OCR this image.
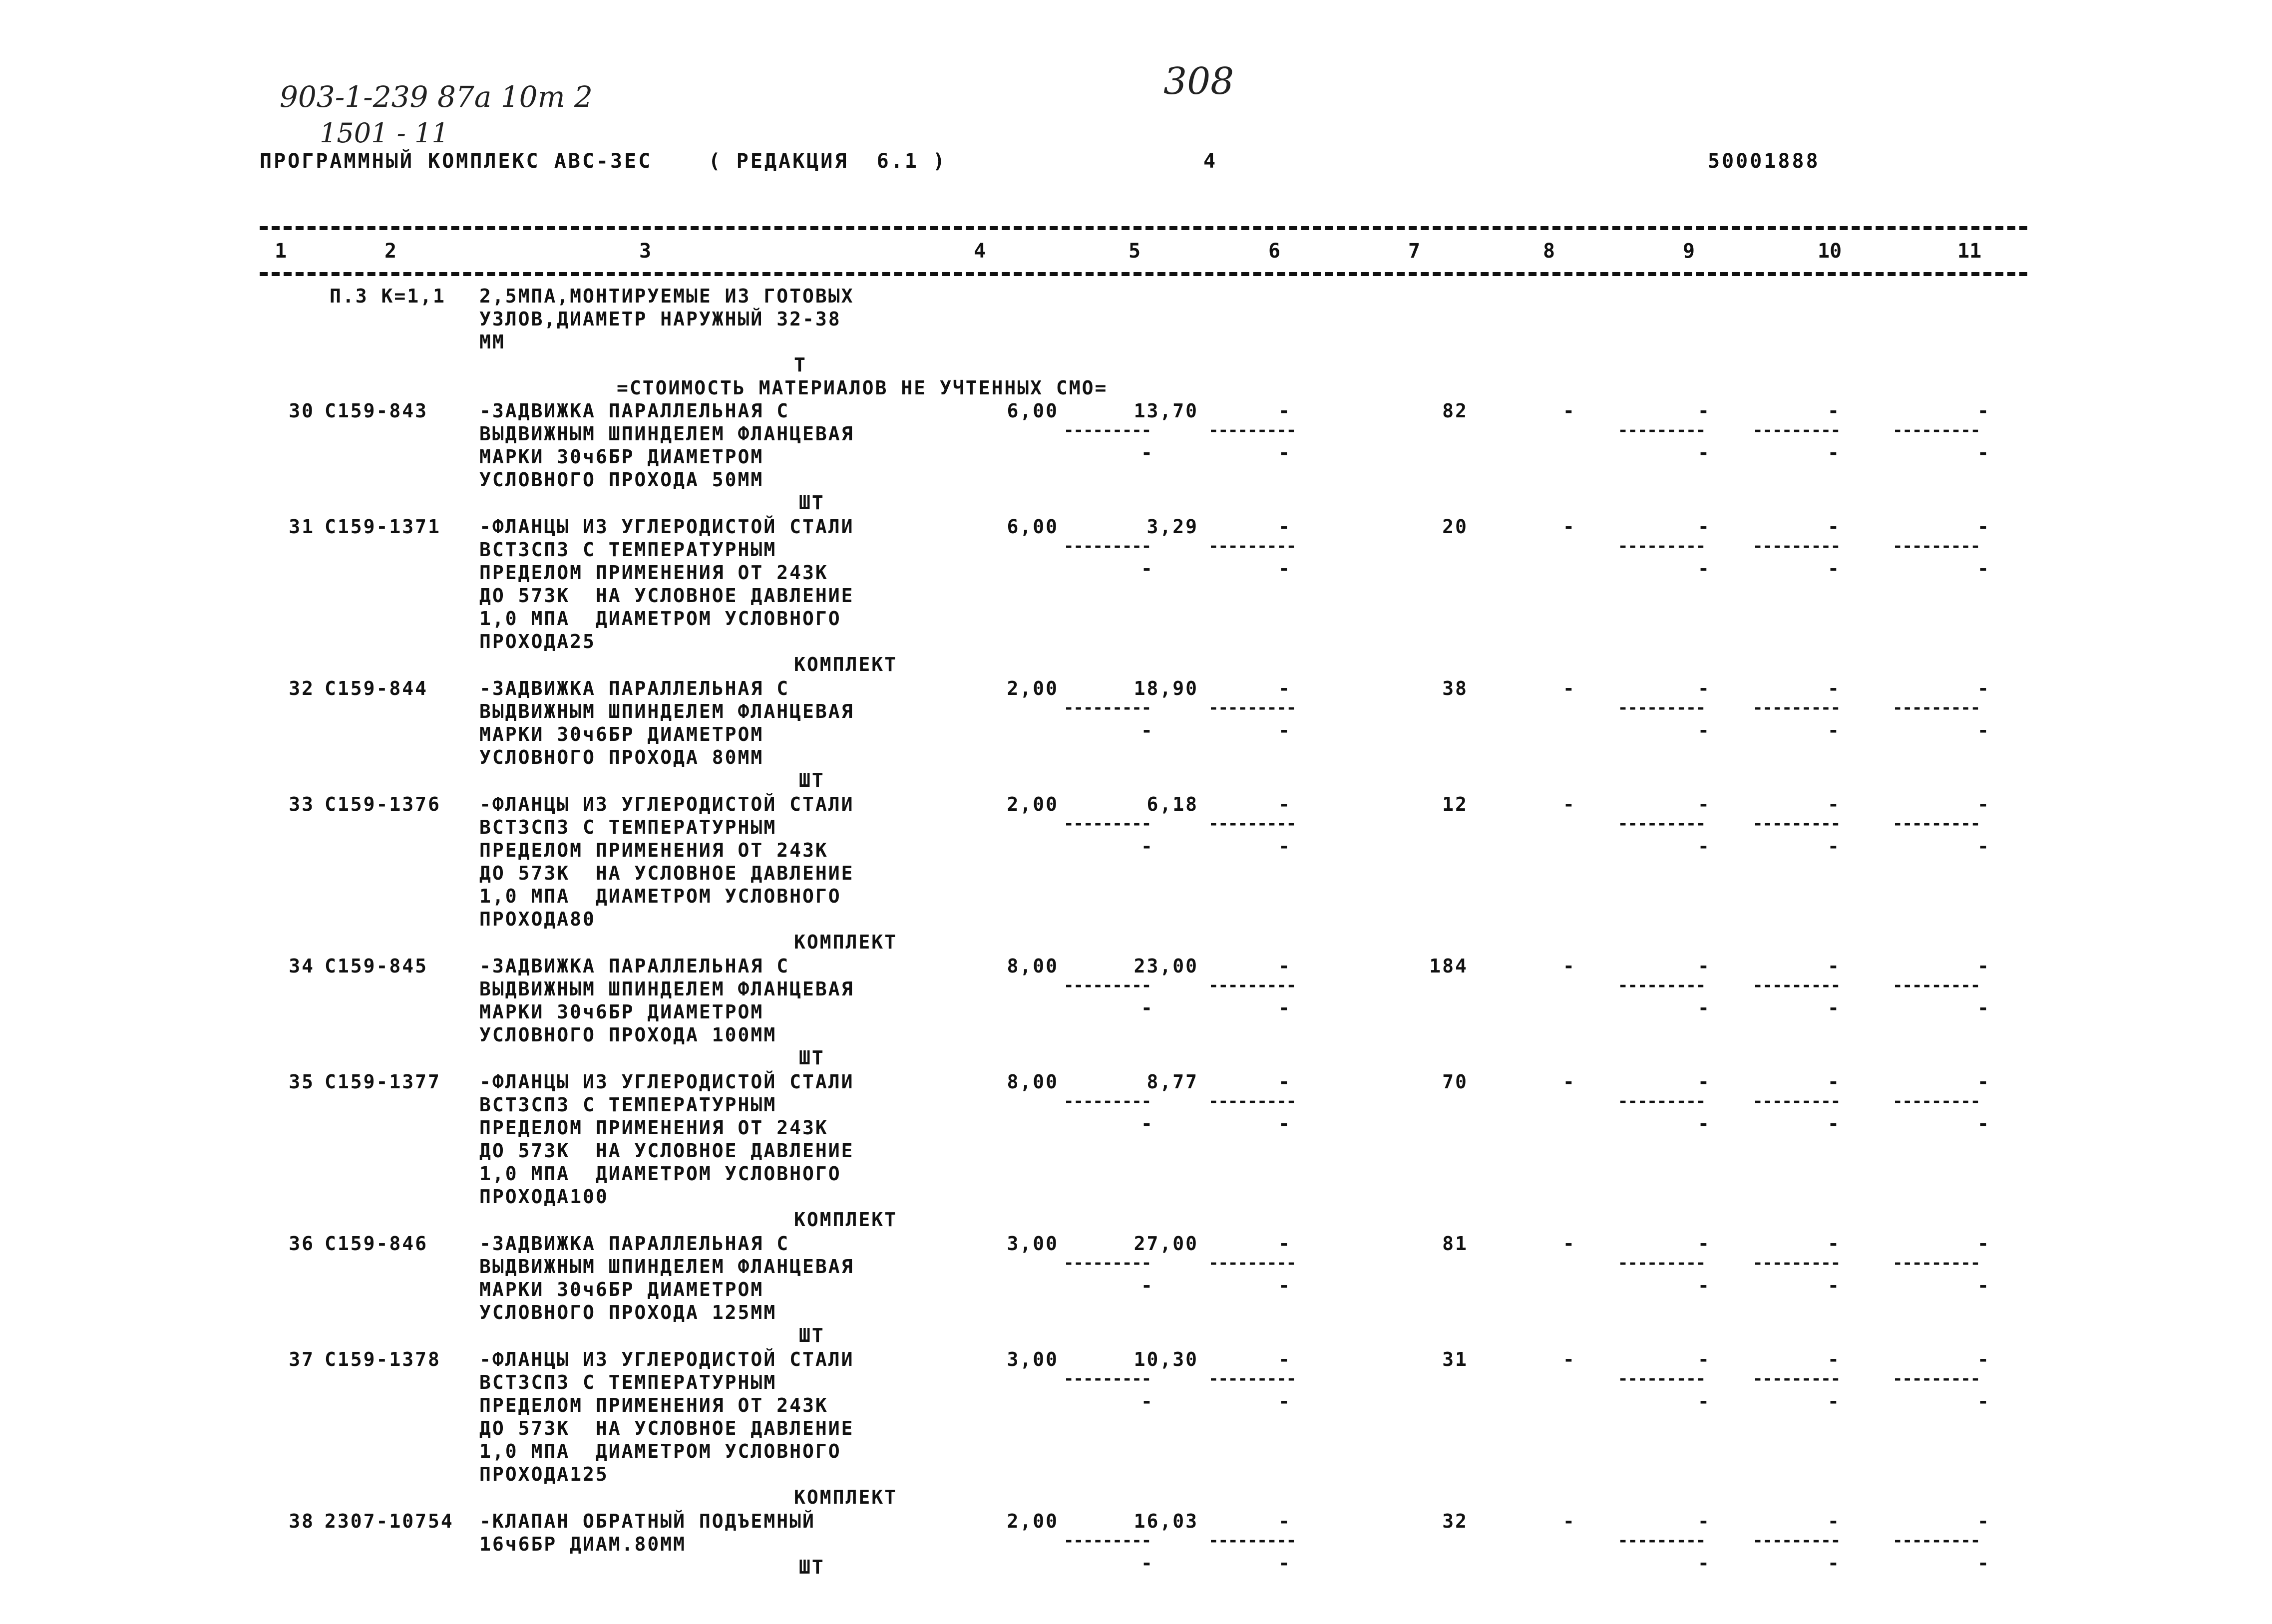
903-1-239 87а 10т 2
1501 - 11
308
ПРОГРАММНЫЙ КОМПЛЕКС АВС-3ЕС    ( РЕДАКЦИЯ  6.1 )	4	50001888
1	2	3	4	5	6	7	8	9	10	11
П.3 К=1,1 2,5МПА,МОНТИРУЕМЫЕ ИЗ ГОТОВЫХ
УЗЛОВ,ДИАМЕТР НАРУЖНЫЙ 32-38
ММ
Т
=СТОИМОСТЬ МАТЕРИАЛОВ НЕ УЧТЕННЫХ СМО=
30 С159-843	-ЗАДВИЖКА ПАРАЛЛЕЛЬНАЯ С
ВЫДВИЖНЫМ ШПИНДЕЛЕМ ФЛАНЦЕВАЯ
МАРКИ 30ч6БР ДИАМЕТРОМ
УСЛОВНОГО ПРОХОДА 50ММ
6,00	13,70	-	82	-	-	-	-
---------	---------	---------	---------	---------
-	-	-	-	-
ШТ
31 С159-1371 -ФЛАНЦЫ ИЗ УГЛЕРОДИСТОЙ СТАЛИ
ВСТ3СП3 С ТЕМПЕРАТУРНЫМ
ПРЕДЕЛОМ ПРИМЕНЕНИЯ ОТ 243К
ДО 573К  НА УСЛОВНОЕ ДАВЛЕНИЕ
1,0 МПА  ДИАМЕТРОМ УСЛОВНОГО
ПРОХОДА25
6,00	3,29	-	20	-	-	-	-
---------	---------	---------	---------	---------
-	-	-	-	-
КОМПЛЕКТ
32 С159-844	-ЗАДВИЖКА ПАРАЛЛЕЛЬНАЯ С
ВЫДВИЖНЫМ ШПИНДЕЛЕМ ФЛАНЦЕВАЯ
МАРКИ 30ч6БР ДИАМЕТРОМ
УСЛОВНОГО ПРОХОДА 80ММ
2,00	18,90	-	38	-	-	-	-
---------	---------	---------	---------	---------
-	-	-	-	-
ШТ
33 С159-1376 -ФЛАНЦЫ ИЗ УГЛЕРОДИСТОЙ СТАЛИ
ВСТ3СП3 С ТЕМПЕРАТУРНЫМ
ПРЕДЕЛОМ ПРИМЕНЕНИЯ ОТ 243К
ДО 573К  НА УСЛОВНОЕ ДАВЛЕНИЕ
1,0 МПА  ДИАМЕТРОМ УСЛОВНОГО
ПРОХОДА80
2,00	6,18	-	12	-	-	-	-
---------	---------	---------	---------	---------
-	-	-	-	-
КОМПЛЕКТ
34 С159-845	-ЗАДВИЖКА ПАРАЛЛЕЛЬНАЯ С
ВЫДВИЖНЫМ ШПИНДЕЛЕМ ФЛАНЦЕВАЯ
МАРКИ 30ч6БР ДИАМЕТРОМ
УСЛОВНОГО ПРОХОДА 100ММ
8,00	23,00	-	184	-	-	-	-
---------	---------	---------	---------	---------
-	-	-	-	-
ШТ
35 С159-1377 -ФЛАНЦЫ ИЗ УГЛЕРОДИСТОЙ СТАЛИ
ВСТ3СП3 С ТЕМПЕРАТУРНЫМ
ПРЕДЕЛОМ ПРИМЕНЕНИЯ ОТ 243К
ДО 573К  НА УСЛОВНОЕ ДАВЛЕНИЕ
1,0 МПА  ДИАМЕТРОМ УСЛОВНОГО
ПРОХОДА100
8,00	8,77	-	70	-	-	-	-
---------	---------	---------	---------	---------
-	-	-	-	-
КОМПЛЕКТ
36 С159-846	-ЗАДВИЖКА ПАРАЛЛЕЛЬНАЯ С
ВЫДВИЖНЫМ ШПИНДЕЛЕМ ФЛАНЦЕВАЯ
МАРКИ 30ч6БР ДИАМЕТРОМ
УСЛОВНОГО ПРОХОДА 125ММ
3,00	27,00	-	81	-	-	-	-
---------	---------	---------	---------	---------
-	-	-	-	-
ШТ
37 С159-1378 -ФЛАНЦЫ ИЗ УГЛЕРОДИСТОЙ СТАЛИ
ВСТ3СП3 С ТЕМПЕРАТУРНЫМ
ПРЕДЕЛОМ ПРИМЕНЕНИЯ ОТ 243К
ДО 573К  НА УСЛОВНОЕ ДАВЛЕНИЕ
1,0 МПА  ДИАМЕТРОМ УСЛОВНОГО
ПРОХОДА125
3,00	10,30	-	31	-	-	-	-
---------	---------	---------	---------	---------
-	-	-	-	-
КОМПЛЕКТ
38 2307-10754 -КЛАПАН ОБРАТНЫЙ ПОДЪЕМНЫЙ
16ч6БР ДИАМ.80ММ
2,00	16,03	-	32	-	-	-	-
---------	---------	---------	---------	---------
-	-	-	-	-
ШТ
